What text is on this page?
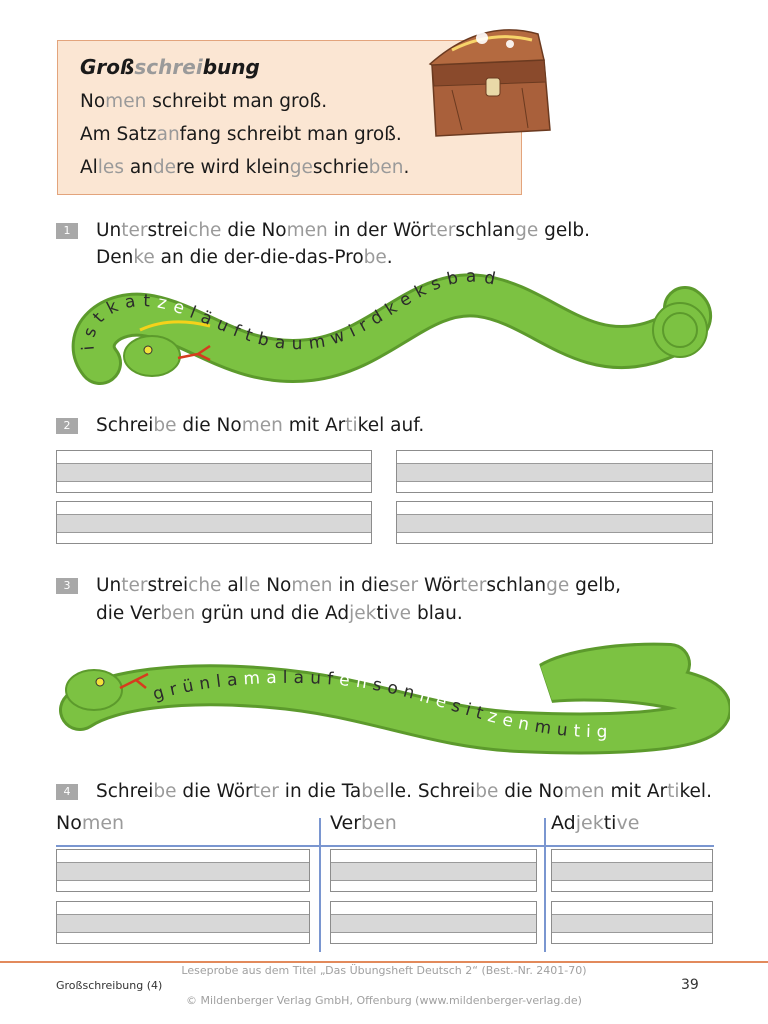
Großschreibung
Nomen schreibt man groß.
Am Satzanfang schreibt man groß.
Alles andere wird kleingeschrieben.
1	Unterstreiche die Nomen in der Wörterschlange gelb.
Denke an die der-die-das-Probe.
istk a t z eläuftb a u mwirdkeksb a d
2	Schreibe die Nomen mit Artikel auf.
3	Unterstreiche alle Nomen in dieser Wörterschlange gelb,
die Verben grün und die Adjektive blau.
gr ü n l a m a l a u f e n s onnesitzen m u t i g
4	Schreibe die Wörter in die Tabelle. Schreibe die Nomen mit Artikel.
Nomen	Verben	Adjektive
Leseprobe aus dem Titel „Das Übungsheft Deutsch 2“ (Best.-Nr. 2401-70)
Großschreibung (4)	39
© Mildenberger Verlag GmbH, Offenburg (www.mildenberger-verlag.de)
